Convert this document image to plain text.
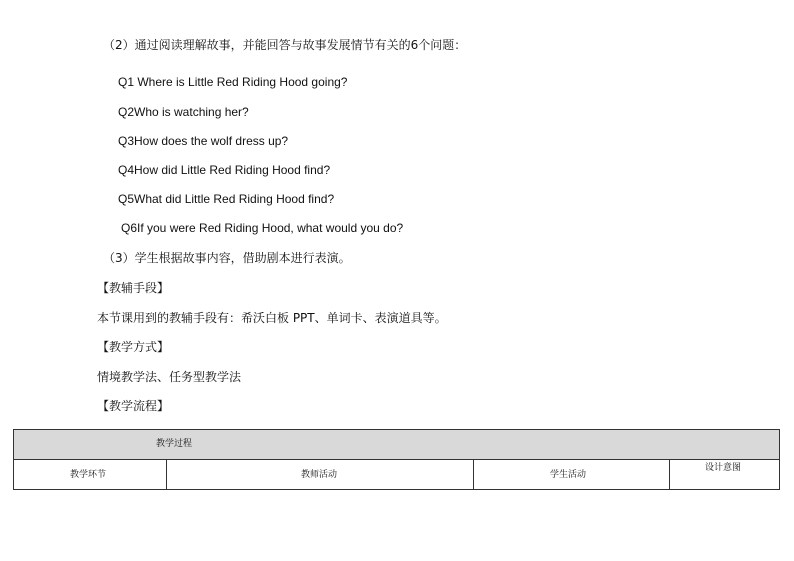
（2）通过阅读理解故事，并能回答与故事发展情节有关的6个问题：
Q1 Where is Little Red Riding Hood going?
Q2Who is watching her?
Q3How does the wolf dress up?
Q4How did Little Red Riding Hood find?
Q5What did Little Red Riding Hood find?
Q6If you were Red Riding Hood, what would you do?
（3）学生根据故事内容，借助剧本进行表演。
【教辅手段】
本节课用到的教辅手段有：希沃白板 PPT、单词卡、表演道具等。
【教学方式】
情境教学法、任务型教学法
【教学流程】
教学过程
教学环节	教师活动	学生活动
设计意图
